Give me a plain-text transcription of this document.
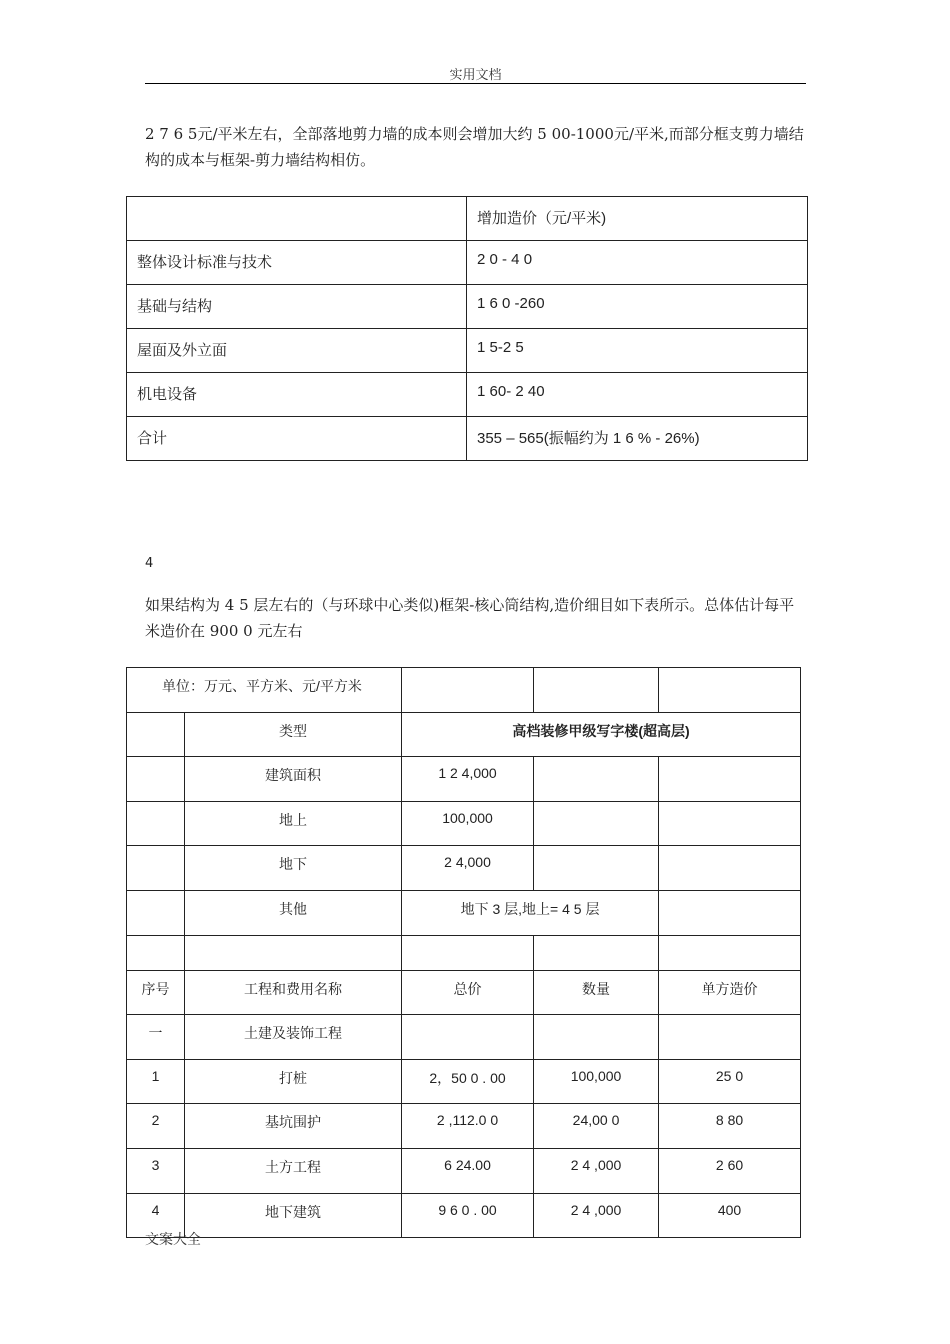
实用文档
2 7 6 5元/平米左右，全部落地剪力墙的成本则会增加大约 5 00-1000元/平米,而部分框支剪力墙结构的成本与框架-剪力墙结构相仿。
	增加造价（元/平米)
整体设计标准与技术	2 0 - 4 0
基础与结构	1 6 0 -260
屋面及外立面	1 5-2 5
机电设备	1 60- 2 40
合计	355 – 565(振幅约为 1 6 % - 26%)
4
如果结构为 4 5 层左右的（与环球中心类似)框架-核心筒结构,造价细目如下表所示。总体估计每平米造价在 900 0 元左右
单位：万元、平方米、元/平方米				
	类型	高档装修甲级写字楼(超高层)		
	建筑面积	1 2 4,000		
	地上	100,000		
	地下	2 4,000		
	其他	地下 3 层,地上= 4 5 层		

序号	工程和费用名称	总价	数量	单方造价
一	土建及装饰工程			
1	打桩	2，50 0 . 00	100,000	25 0
2	基坑围护	2 ,112.0 0	24,00 0	8 80
3	土方工程	6 24.00	2 4 ,000	2 60
4	地下建筑	9 6 0 . 00	2 4 ,000	400
文案大全
